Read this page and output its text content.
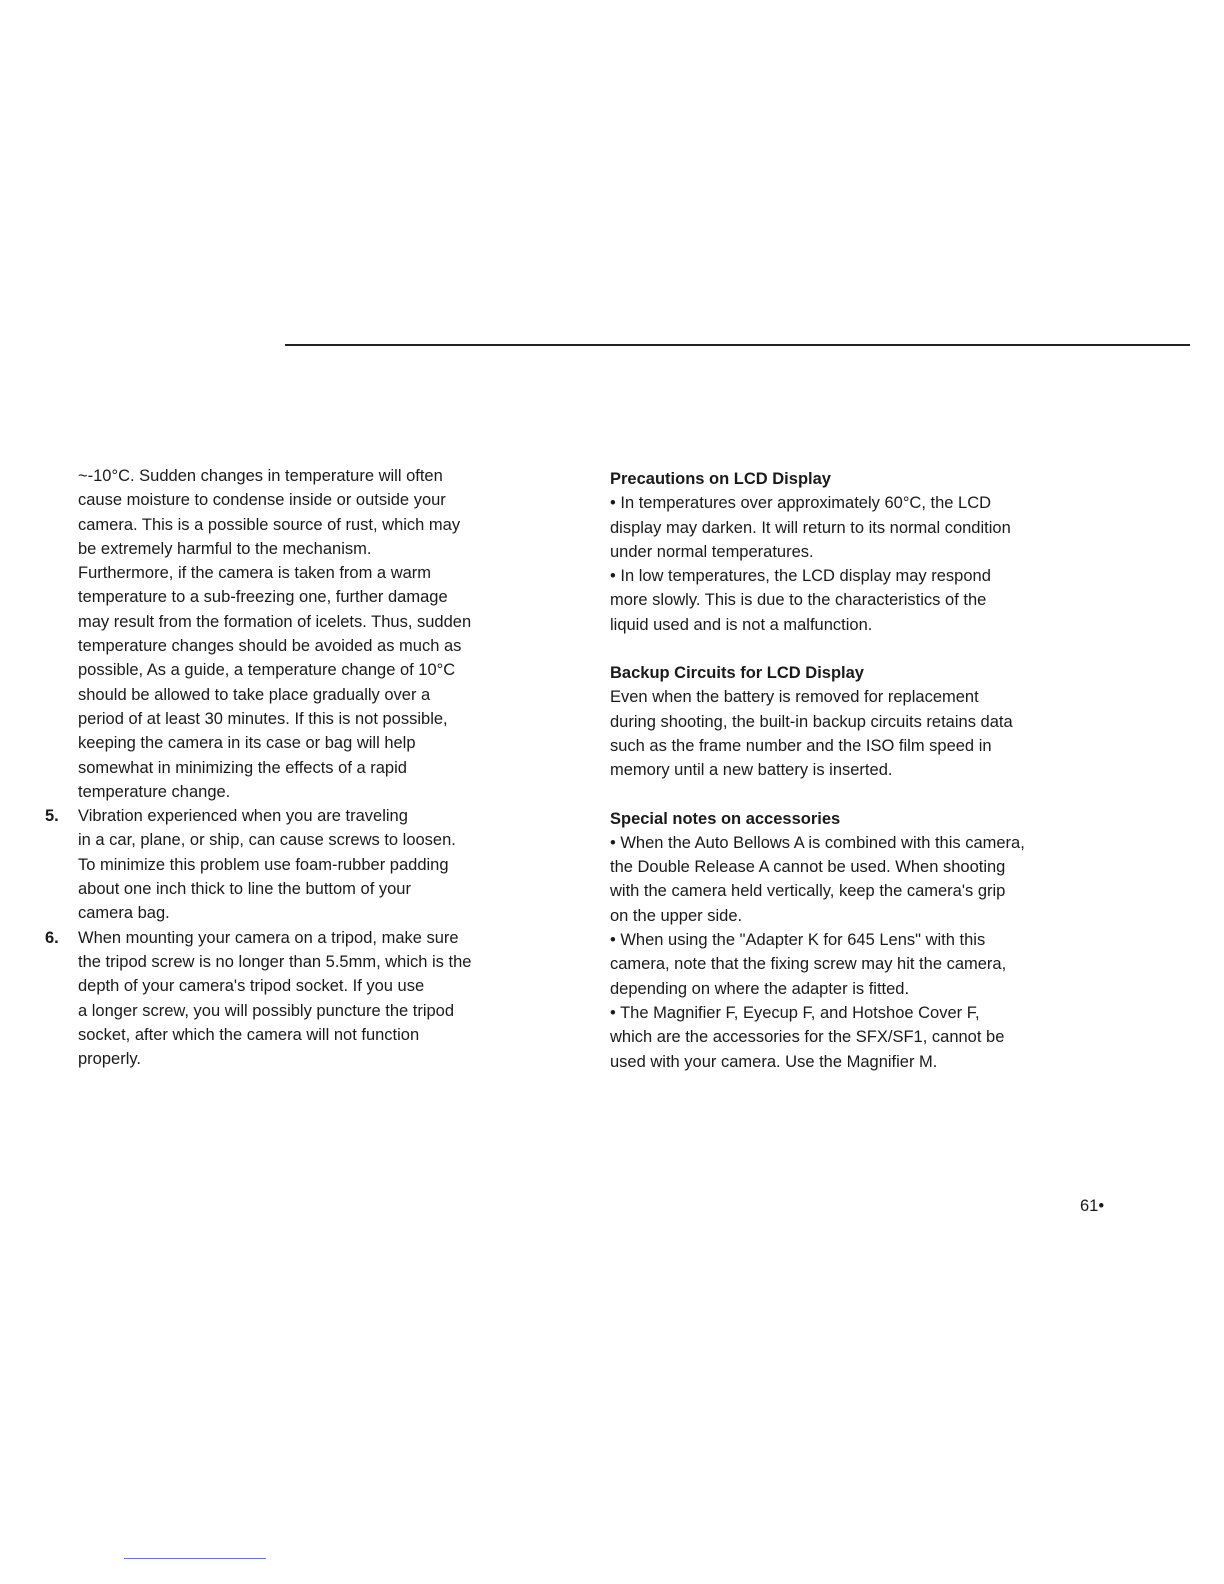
~-10°C. Sudden changes in temperature will often
cause moisture to condense inside or outside your
camera. This is a possible source of rust, which may
be extremely harmful to the mechanism.
Furthermore, if the camera is taken from a warm
temperature to a sub-freezing one, further damage
may result from the formation of icelets. Thus, sudden
temperature changes should be avoided as much as
possible, As a guide, a temperature change of 10°C
should be allowed to take place gradually over a
period of at least 30 minutes. If this is not possible,
keeping the camera in its case or bag will help
somewhat in minimizing the effects of a rapid
temperature change.
5. Vibration experienced when you are traveling
in a car, plane, or ship, can cause screws to loosen.
To minimize this problem use foam-rubber padding
about one inch thick to line the buttom of your
camera bag.
6. When mounting your camera on a tripod, make sure
the tripod screw is no longer than 5.5mm, which is the
depth of your camera's tripod socket. If you use
a longer screw, you will possibly puncture the tripod
socket, after which the camera will not function
properly.
Precautions on LCD Display
• In temperatures over approximately 60°C, the LCD
display may darken. It will return to its normal condition
under normal temperatures.
• In low temperatures, the LCD display may respond
more slowly. This is due to the characteristics of the
liquid used and is not a malfunction.
Backup Circuits for LCD Display
Even when the battery is removed for replacement
during shooting, the built-in backup circuits retains data
such as the frame number and the ISO film speed in
memory until a new battery is inserted.
Special notes on accessories
• When the Auto Bellows A is combined with this camera,
the Double Release A cannot be used. When shooting
with the camera held vertically, keep the camera's grip
on the upper side.
• When using the "Adapter K for 645 Lens" with this
camera, note that the fixing screw may hit the camera,
depending on where the adapter is fitted.
• The Magnifier F, Eyecup F, and Hotshoe Cover F,
which are the accessories for the SFX/SF1, cannot be
used with your camera. Use the Magnifier M.
61•
